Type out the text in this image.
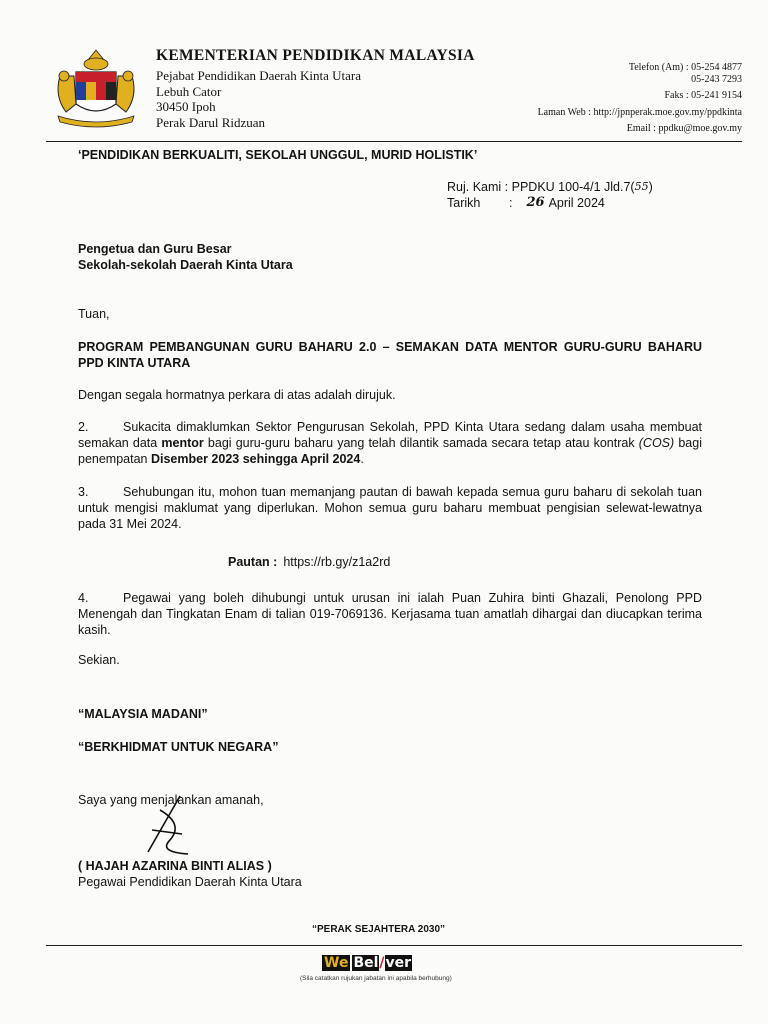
KEMENTERIAN PENDIDIKAN MALAYSIA
Pejabat Pendidikan Daerah Kinta Utara
Lebuh Cator
30450 Ipoh
Perak Darul Ridzuan
Telefon (Am) : 05-254 4877
05-243 7293
Faks : 05-241 9154
Laman Web : http://jpnperak.moe.gov.my/ppdkinta
Email : ppdku@moe.gov.my
‘PENDIDIKAN BERKUALITI, SEKOLAH UNGGUL, MURID HOLISTIK’
Ruj. Kami :
PPDKU 100-4/1 Jld.7( 55 )
Tarikh	: 26 April 2024
Pengetua dan Guru Besar
Sekolah-sekolah Daerah Kinta Utara
Tuan,
PROGRAM PEMBANGUNAN GURU BAHARU 2.0 – SEMAKAN DATA MENTOR GURU-GURU BAHARU PPD KINTA UTARA
Dengan segala hormatnya perkara di atas adalah dirujuk.
2.	Sukacita dimaklumkan Sektor Pengurusan Sekolah, PPD Kinta Utara sedang dalam usaha membuat semakan data mentor bagi guru-guru baharu yang telah dilantik samada secara tetap atau kontrak (COS) bagi penempatan Disember 2023 sehingga April 2024.
3.	Sehubungan itu, mohon tuan memanjang pautan di bawah kepada semua guru baharu di sekolah tuan untuk mengisi maklumat yang diperlukan. Mohon semua guru baharu membuat pengisian selewat-lewatnya pada 31 Mei 2024.
Pautan : https://rb.gy/z1a2rd
4.	Pegawai yang boleh dihubungi untuk urusan ini ialah Puan Zuhira binti Ghazali, Penolong PPD Menengah dan Tingkatan Enam di talian 019-7069136. Kerjasama tuan amatlah dihargai dan diucapkan terima kasih.
Sekian.
“MALAYSIA MADANI”
“BERKHIDMAT UNTUK NEGARA”
Saya yang menjalankan amanah,
( HAJAH AZARINA BINTI ALIAS )
Pegawai Pendidikan Daerah Kinta Utara
“PERAK SEJAHTERA 2030”
We Bel/ver
(Sila catatkan rujukan jabatan ini apabila berhubung)
